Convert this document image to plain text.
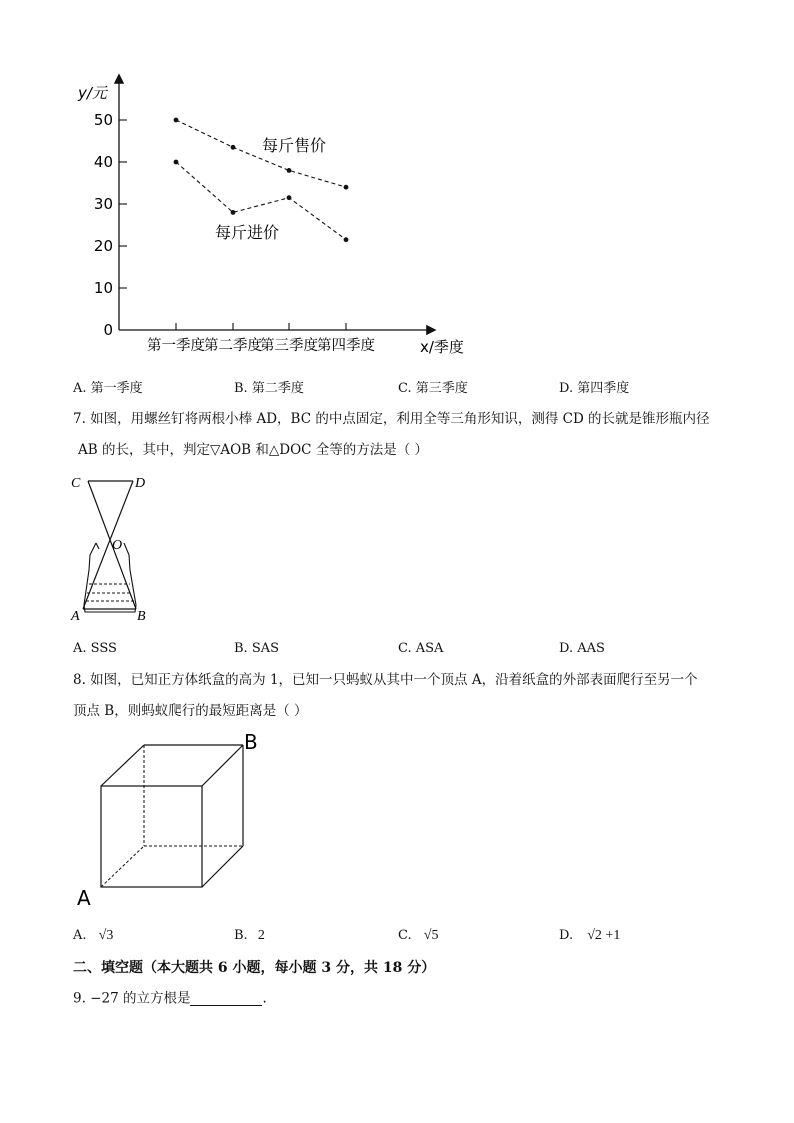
0
10
20
30
40
50
第一季度 第二季度
第三季度 第四季度
y/元
x/季度
每斤售价
每斤进价
A. 第一季度	B. 第二季度	C. 第三季度	D. 第四季度
7. 如图，用螺丝钉将两根小棒 AD，BC 的中点固定，利用全等三角形知识，测得 CD 的长就是锥形瓶内径
AB 的长，其中，判定▽AOB 和△DOC 全等的方法是（ ）
C	D
O
A	B
A. SSS	B. SAS	C. ASA	D. AAS
8. 如图，已知正方体纸盒的高为 1，已知一只蚂蚁从其中一个顶点 A，沿着纸盒的外部表面爬行至另一个
顶点 B，则蚂蚁爬行的最短距离是（ ）
B
A
A. √3	B. 2	C. √5	D. √2 +1
二、填空题（本大题共 6 小题，每小题 3 分，共 18 分）
9. −27 的立方根是	.
